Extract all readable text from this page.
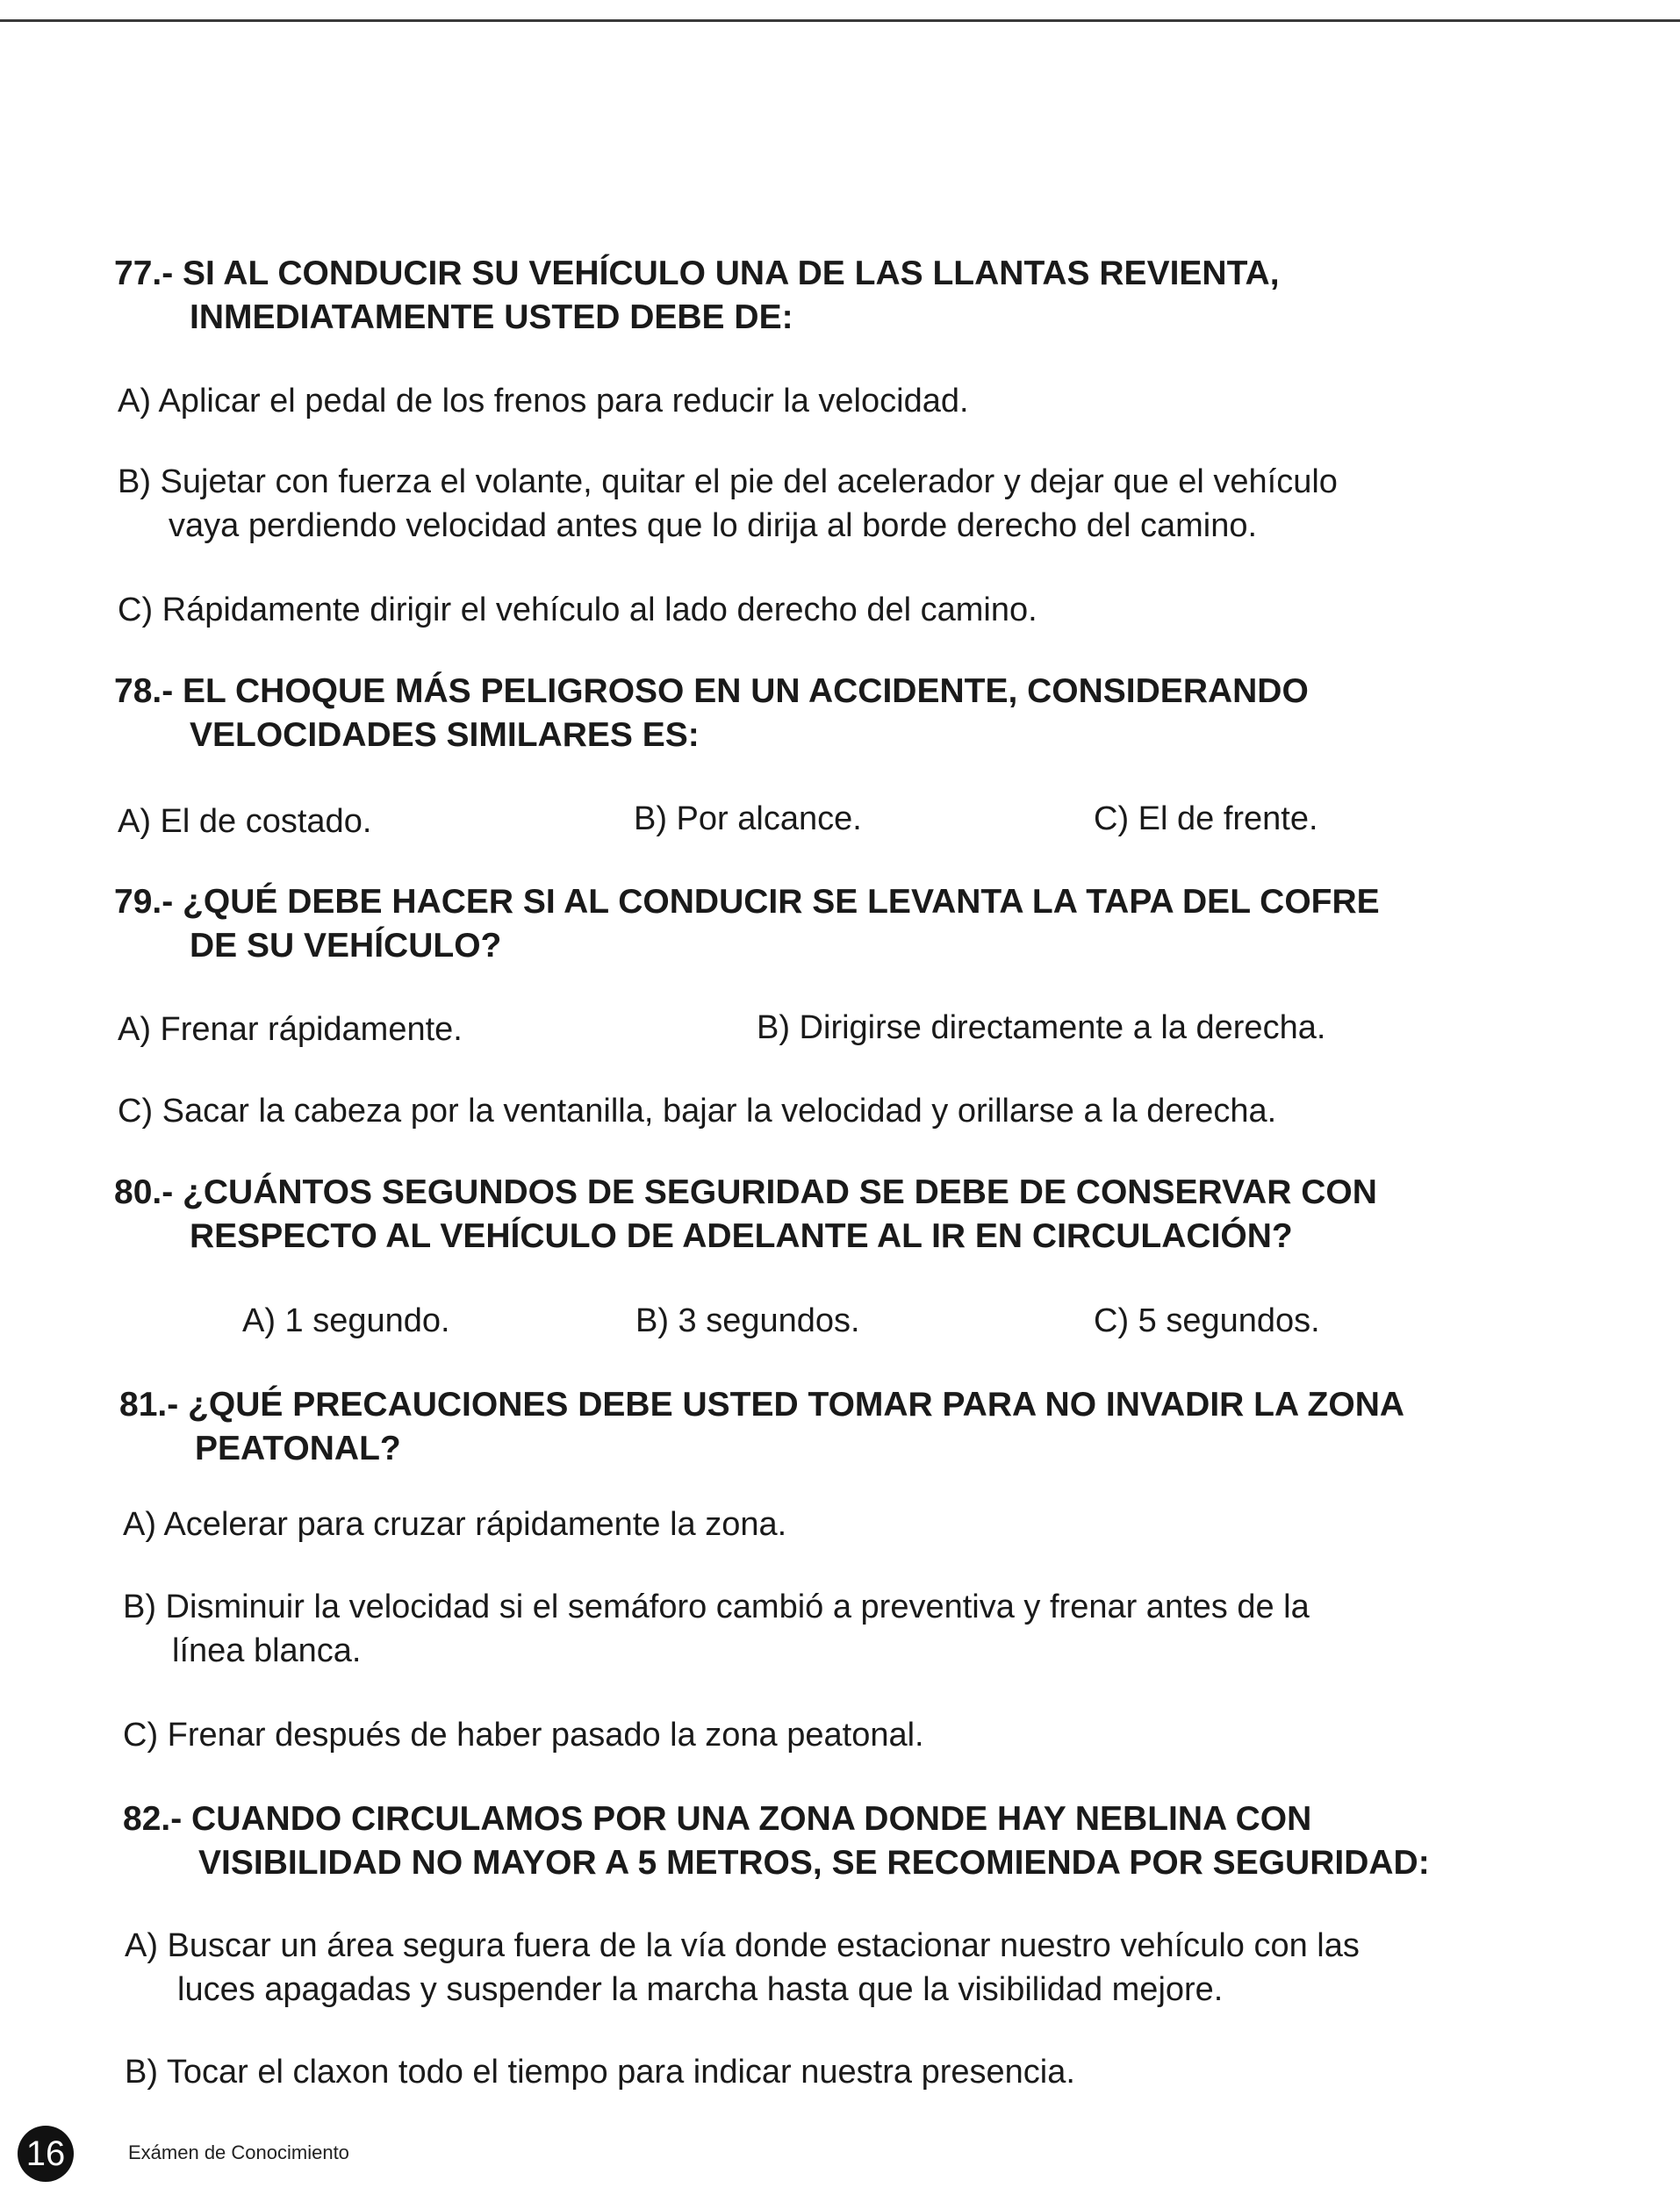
77.- SI AL CONDUCIR SU VEHÍCULO UNA DE LAS LLANTAS REVIENTA,
INMEDIATAMENTE USTED DEBE DE:
A) Aplicar el pedal de los frenos para reducir la velocidad.
B) Sujetar con fuerza el volante, quitar el pie del acelerador y dejar que el vehículo
vaya perdiendo velocidad antes que lo dirija al borde derecho del camino.
C) Rápidamente dirigir el vehículo al lado derecho del camino.
78.- EL CHOQUE MÁS PELIGROSO EN UN ACCIDENTE, CONSIDERANDO
VELOCIDADES SIMILARES ES:
A) El de costado.	B) Por alcance.	C) El de frente.
79.- ¿QUÉ DEBE HACER SI AL CONDUCIR SE LEVANTA LA TAPA DEL COFRE
DE SU VEHÍCULO?
A) Frenar rápidamente.	B) Dirigirse directamente a la derecha.
C) Sacar la cabeza por la ventanilla, bajar la velocidad y orillarse a la derecha.
80.- ¿CUÁNTOS SEGUNDOS DE SEGURIDAD SE DEBE DE CONSERVAR CON
RESPECTO AL VEHÍCULO DE ADELANTE AL IR EN CIRCULACIÓN?
A) 1 segundo.	B) 3 segundos.	C) 5 segundos.
81.- ¿QUÉ PRECAUCIONES DEBE USTED TOMAR PARA NO INVADIR LA ZONA
PEATONAL?
A) Acelerar para cruzar rápidamente la zona.
B) Disminuir la velocidad si el semáforo cambió a preventiva y frenar antes de la
línea blanca.
C) Frenar después de haber pasado la zona peatonal.
82.- CUANDO CIRCULAMOS POR UNA ZONA DONDE HAY NEBLINA CON
VISIBILIDAD NO MAYOR A 5 METROS, SE RECOMIENDA POR SEGURIDAD:
A) Buscar un área segura fuera de la vía donde estacionar nuestro vehículo con las
luces apagadas y suspender la marcha hasta que la visibilidad mejore.
B) Tocar el claxon todo el tiempo para indicar nuestra presencia.
16	Exámen de Conocimiento
